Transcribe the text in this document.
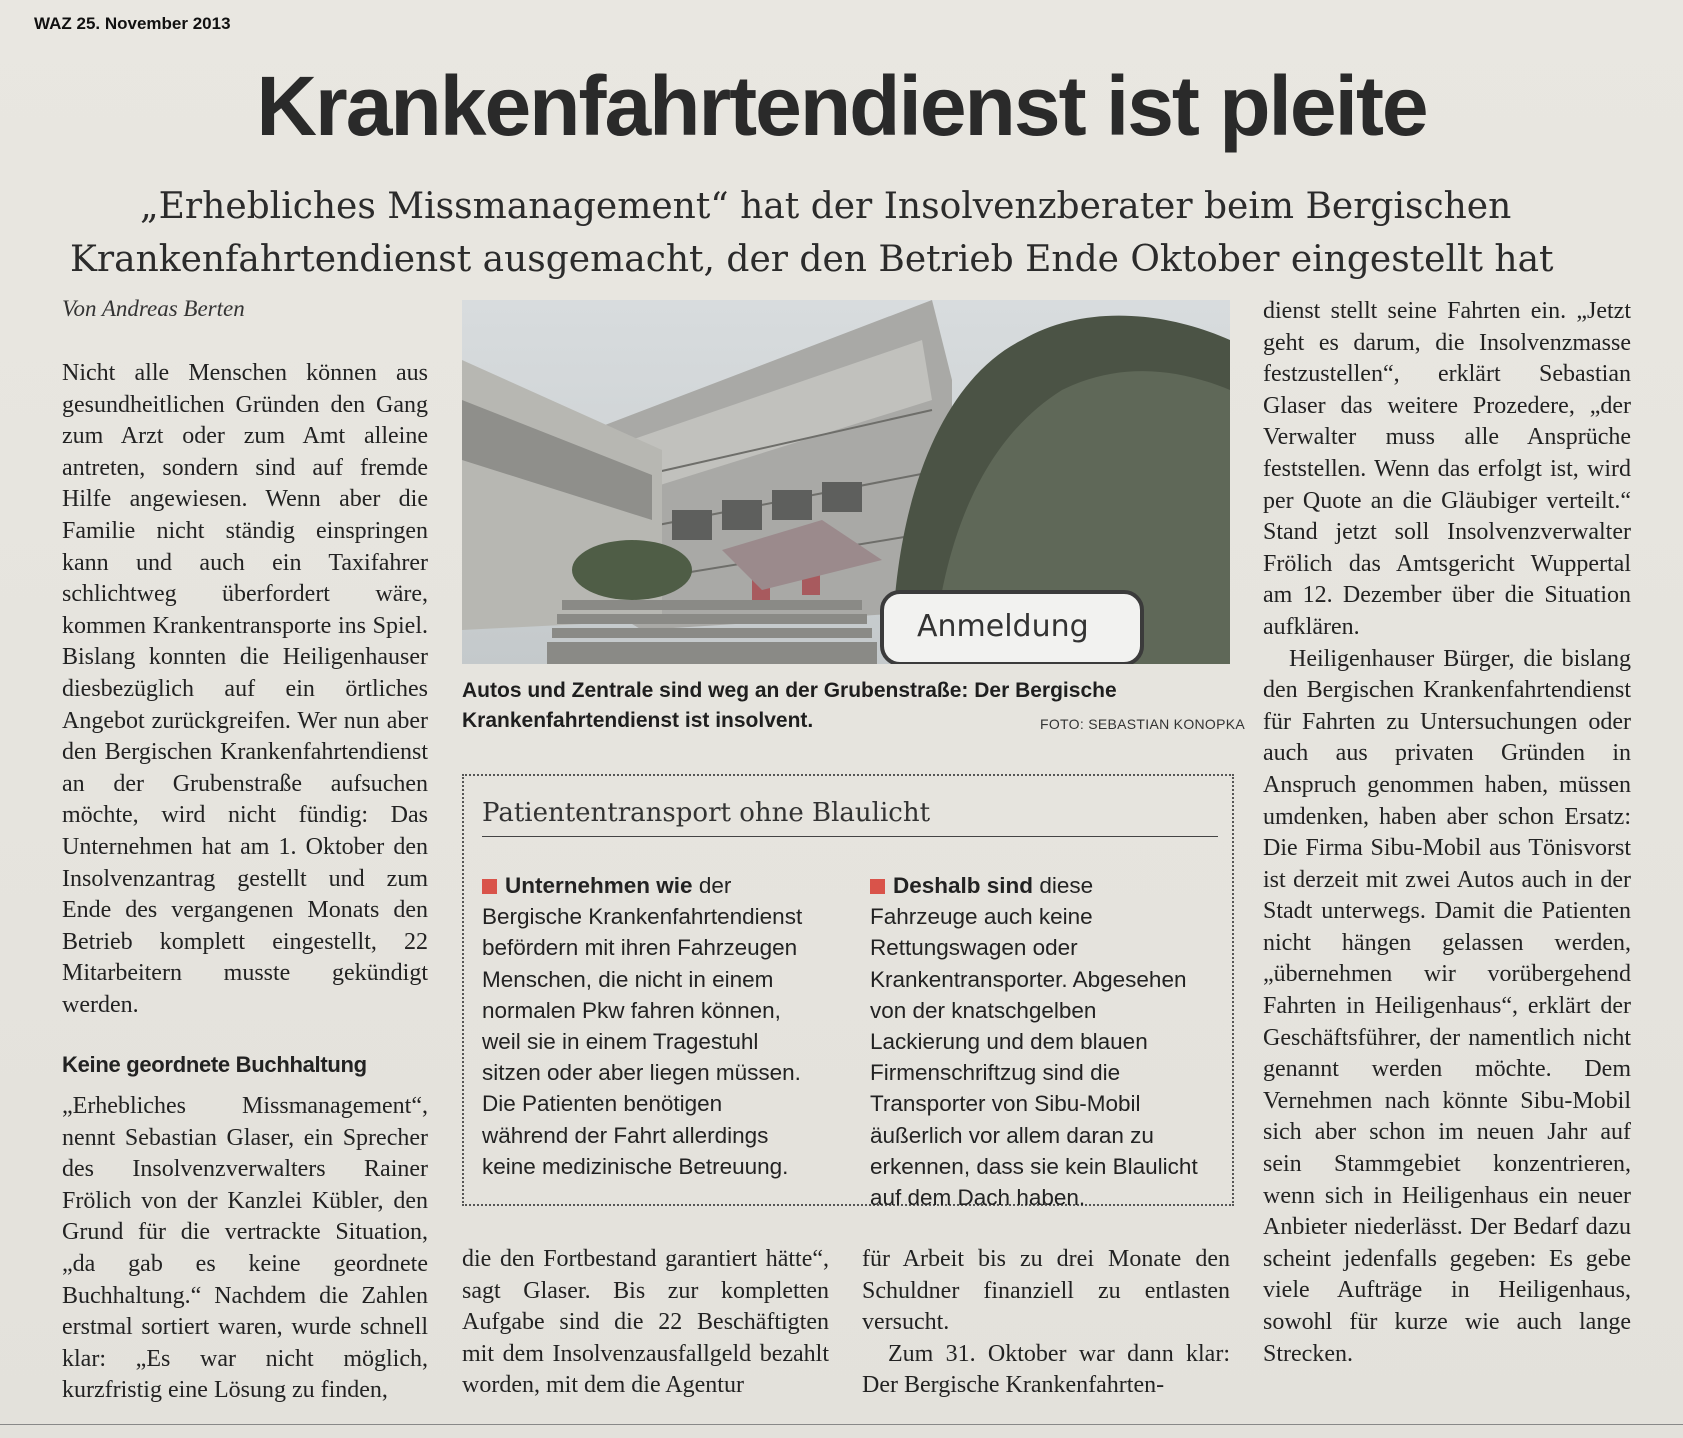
WAZ 25. November 2013
Krankenfahrtendienst ist pleite
„Erhebliches Missmanagement“ hat der Insolvenzberater beim Bergischen
Krankenfahrtendienst ausgemacht, der den Betrieb Ende Oktober eingestellt hat
Von Andreas Berten

Nicht alle Menschen können aus gesundheitlichen Gründen den Gang zum Arzt oder zum Amt alleine antreten, sondern sind auf fremde Hilfe angewiesen. Wenn aber die Familie nicht ständig einspringen kann und auch ein Taxifahrer schlichtweg überfordert wäre, kommen Krankentransporte ins Spiel. Bislang konnten die Heiligenhauser diesbezüglich auf ein örtliches Angebot zurückgreifen. Wer nun aber den Bergischen Krankenfahrtendienst an der Grubenstraße aufsuchen möchte, wird nicht fündig: Das Unternehmen hat am 1. Oktober den Insolvenzantrag gestellt und zum Ende des vergangenen Monats den Betrieb komplett eingestellt, 22 Mitarbeitern musste gekündigt werden.

Keine geordnete Buchhaltung

„Erhebliches Missmanagement“, nennt Sebastian Glaser, ein Sprecher des Insolvenzverwalters Rainer Frölich von der Kanzlei Kübler, den Grund für die vertrackte Situation, „da gab es keine geordnete Buchhaltung.“ Nachdem die Zahlen erstmal sortiert waren, wurde schnell klar: „Es war nicht möglich, kurzfristig eine Lösung zu finden,

Anmeldung
Autos und Zentrale sind weg an der Grubenstraße: Der Bergische Krankenfahrtendienst ist insolvent.	FOTO: SEBASTIAN KONOPKA
Patiententransport ohne Blaulicht
Unternehmen wie der Bergische Krankenfahrtendienst befördern mit ihren Fahrzeugen Menschen, die nicht in einem normalen Pkw fahren können, weil sie in einem Tragestuhl sitzen oder aber liegen müssen. Die Patienten benötigen während der Fahrt allerdings keine medizinische Betreuung.
Deshalb sind diese Fahrzeuge auch keine Rettungswagen oder Krankentransporter. Abgesehen von der knatschgelben Lackierung und dem blauen Firmenschriftzug sind die Transporter von Sibu-Mobil äußerlich vor allem daran zu erkennen, dass sie kein Blaulicht auf dem Dach haben.

die den Fortbestand garantiert hätte“, sagt Glaser. Bis zur kompletten Aufgabe sind die 22 Beschäftigten mit dem Insolvenzausfallgeld bezahlt worden, mit dem die Agentur

für Arbeit bis zu drei Monate den Schuldner finanziell zu entlasten versucht.

Zum 31. Oktober war dann klar: Der Bergische Krankenfahrten-

dienst stellt seine Fahrten ein. „Jetzt geht es darum, die Insolvenzmasse festzustellen“, erklärt Sebastian Glaser das weitere Prozedere, „der Verwalter muss alle Ansprüche feststellen. Wenn das erfolgt ist, wird per Quote an die Gläubiger verteilt.“ Stand jetzt soll Insolvenzverwalter Frölich das Amtsgericht Wuppertal am 12. Dezember über die Situation aufklären.

Heiligenhauser Bürger, die bislang den Bergischen Krankenfahrtendienst für Fahrten zu Untersuchungen oder auch aus privaten Gründen in Anspruch genommen haben, müssen umdenken, haben aber schon Ersatz: Die Firma Sibu-Mobil aus Tönisvorst ist derzeit mit zwei Autos auch in der Stadt unterwegs. Damit die Patienten nicht hängen gelassen werden, „übernehmen wir vorübergehend Fahrten in Heiligenhaus“, erklärt der Geschäftsführer, der namentlich nicht genannt werden möchte. Dem Vernehmen nach könnte Sibu-Mobil sich aber schon im neuen Jahr auf sein Stammgebiet konzentrieren, wenn sich in Heiligenhaus ein neuer Anbieter niederlässt. Der Bedarf dazu scheint jedenfalls gegeben: Es gebe viele Aufträge in Heiligenhaus, sowohl für kurze wie auch lange Strecken.
